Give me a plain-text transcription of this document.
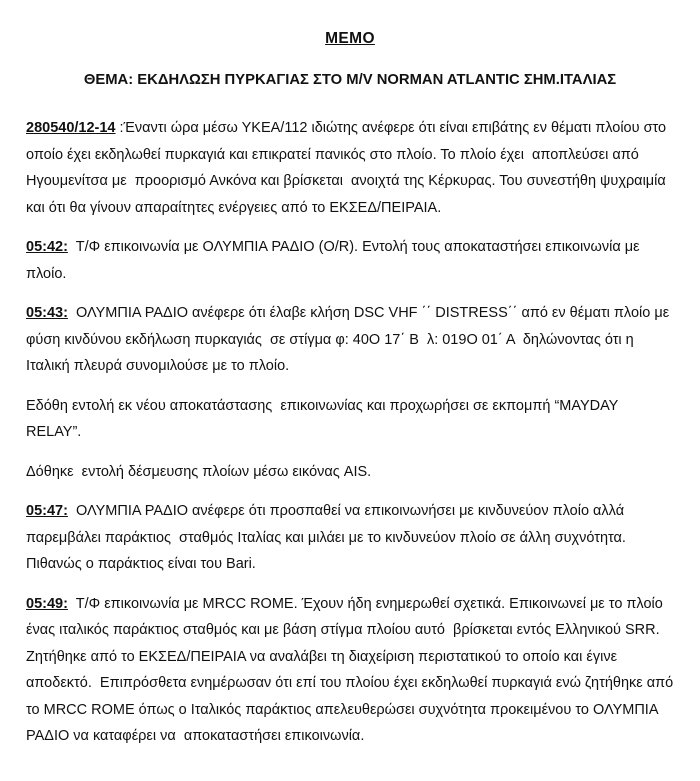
MEMO
ΘΕΜΑ: ΕΚΔΗΛΩΣΗ ΠΥΡΚΑΓΙΑΣ ΣΤΟ M/V NORMAN ATLANTIC ΣΗΜ.ΙΤΑΛΙΑΣ

280540/12-14 :Έναντι ώρα μέσω ΥΚΕΑ/112 ιδιώτης ανέφερε ότι είναι επιβάτης εν θέματι πλοίου στο οποίο έχει εκδηλωθεί πυρκαγιά και επικρατεί πανικός στο πλοίο. Το πλοίο έχει  αποπλεύσει από Ηγουμενίτσα με  προορισμό Ανκόνα και βρίσκεται  ανοιχτά της Κέρκυρας. Του συνεστήθη ψυχραιμία και ότι θα γίνουν απαραίτητες ενέργειες από το ΕΚΣΕΔ/ΠΕΙΡΑΙΑ.

05:42:  Τ/Φ επικοινωνία με ΟΛΥΜΠΙΑ ΡΑΔΙΟ (O/R). Εντολή τους αποκαταστήσει επικοινωνία με πλοίο.

05:43:  ΟΛΥΜΠΙΑ ΡΑΔΙΟ ανέφερε ότι έλαβε κλήση DSC VHF ΄΄ DISTRESS΄΄ από εν θέματι πλοίο με φύση κινδύνου εκδήλωση πυρκαγιάς  σε στίγμα φ: 40Ο 17΄ Β  λ: 019Ο 01΄ Α  δηλώνοντας ότι η Ιταλική πλευρά συνομιλούσε με το πλοίο.

Εδόθη εντολή εκ νέου αποκατάστασης  επικοινωνίας και προχωρήσει σε εκπομπή “MAYDAY RELAY”.

Δόθηκε  εντολή δέσμευσης πλοίων μέσω εικόνας AIS.

05:47:  ΟΛΥΜΠΙΑ ΡΑΔΙΟ ανέφερε ότι προσπαθεί να επικοινωνήσει με κινδυνεύον πλοίο αλλά παρεμβάλει παράκτιος  σταθμός Ιταλίας και μιλάει με το κινδυνεύον πλοίο σε άλλη συχνότητα. Πιθανώς ο παράκτιος είναι του Bari.

05:49:  Τ/Φ επικοινωνία με MRCC ROME. Έχουν ήδη ενημερωθεί σχετικά. Επικοινωνεί με το πλοίο ένας ιταλικός παράκτιος σταθμός και με βάση στίγμα πλοίου αυτό  βρίσκεται εντός Ελληνικού SRR. Ζητήθηκε από το ΕΚΣΕΔ/ΠΕΙΡΑΙΑ να αναλάβει τη διαχείριση περιστατικού το οποίο και έγινε αποδεκτό.  Επιπρόσθετα ενημέρωσαν ότι επί του πλοίου έχει εκδηλωθεί πυρκαγιά ενώ ζητήθηκε από το MRCC ROME όπως ο Ιταλικός παράκτιος απελευθερώσει συχνότητα προκειμένου το ΟΛΥΜΠΙΑ ΡΑΔΙΟ να καταφέρει να  αποκαταστήσει επικοινωνία.
